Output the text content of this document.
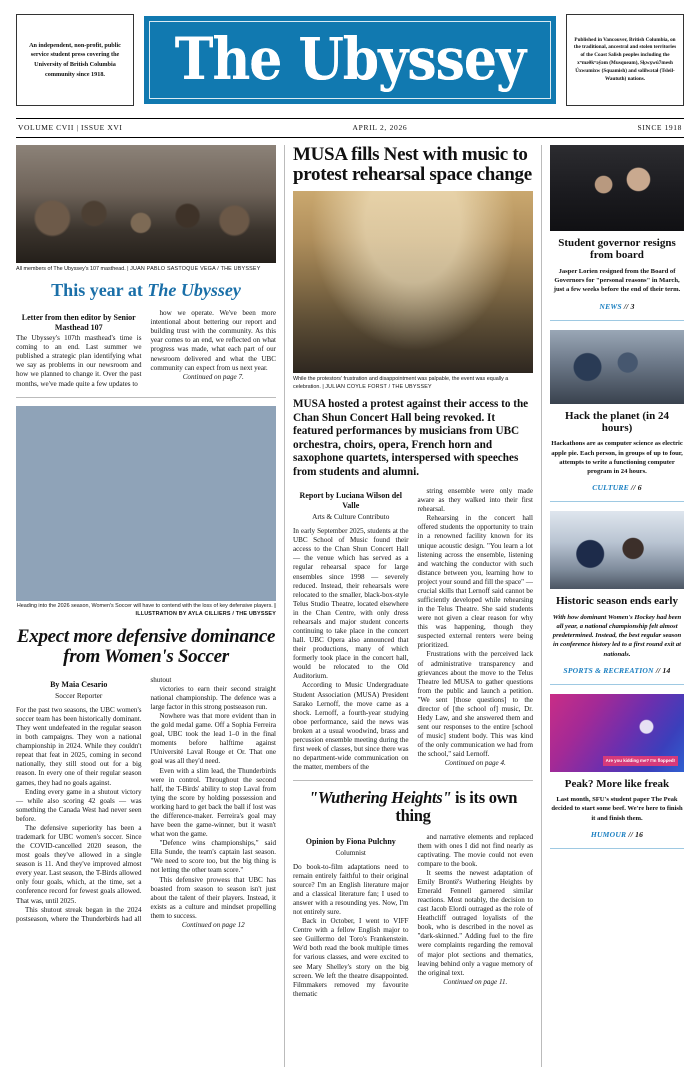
An independent, non-profit, public service student press covering the University of British Columbia community since 1918.	The Ubyssey	Published in Vancouver, British Columbia, on the traditional, ancestral and stolen territories of the Coast Salish peoples including the xʷməθkʷəy̓əm (Musqueam), Sḵwx̱wú7mesh Úxwumixw (Squamish) and səlilwətaɬ (Tsleil-Waututh) nations.
VOLUME CVII | ISSUE XVI	APRIL 2, 2026	SINCE 1918
All members of The Ubyssey's 107 masthead. | JUAN PABLO SASTOQUE VEGA / THE UBYSSEY
This year at The Ubyssey
Letter from then editor by Senior Masthead 107

The Ubyssey's 107th masthead's time is coming to an end. Last summer we published a strategic plan identifying what we say as problems in our newsroom and how we planned to change it. Over the past months, we've made quite a few updates to

how we operate. We've been more intentional about bettering our report and building trust with the community. As this year comes to an end, we reflected on what progress was made, what each part of our newsroom delivered and what the UBC community can expect from us next year.

Continued on page 7.

Heading into the 2026 season, Women's Soccer will have to contend with the loss of key defensive players. | ILLUSTRATION BY AYLA CILLIERS / THE UBYSSEY
Expect more defensive dominance from Women's Soccer
By Maia Cesario
Soccer Reporter

For the past two seasons, the UBC women's soccer team has been historically dominant. They went undefeated in the regular season in both campaigns. They won a national championship in 2024. While they couldn't repeat that feat in 2025, coming in second nationally, they still stood out for a big reason. In every one of their regular season games, they had no goals against.

Ending every game in a shutout victory — while also scoring 42 goals — was something the Canada West had never seen before.

The defensive superiority has been a trademark for UBC women's soccer. Since the COVID-cancelled 2020 season, the most goals they've allowed in a single season is 11. And they've improved almost every year. Last season, the T-Birds allowed only four goals, which, at the time, set a conference record for fewest goals allowed. That was, until 2025.

This shutout streak began in the 2024 postseason, where the Thunderbirds had all shutout

victories to earn their second straight national championship. The defence was a large factor in this strong postseason run.

Nowhere was that more evident than in the gold medal game. Off a Sophia Ferreira goal, UBC took the lead 1–0 in the final moments before halftime against l'Université Laval Rouge et Or. That one goal was all they'd need.

Even with a slim lead, the Thunderbirds were in control. Throughout the second half, the T-Birds' ability to stop Laval from tying the score by holding possession and working hard to get back the ball if lost was the difference-maker. Ferreira's goal may have been the game-winner, but it wasn't what won the game.

"Defence wins championships," said Ella Sunde, the team's captain last season. "We need to score too, but the big thing is not letting the other team score."

This defensive prowess that UBC has boasted from season to season isn't just about the talent of their players. Instead, it exists as a culture and mindset propelling them to success.

Continued on page 12

MUSA fills Nest with music to protest rehearsal space change
While the protestors' frustration and disappointment was palpable, the event was equally a celebration. | JULIAN COYLE FORST / THE UBYSSEY
MUSA hosted a protest against their access to the Chan Shun Concert Hall being revoked. It featured performances by musicians from UBC orchestra, choirs, opera, French horn and saxophone quartets, interspersed with speeches from students and alumni.
Report by Luciana Wilson del Valle
Arts & Culture Contributo

In early September 2025, students at the UBC School of Music found their access to the Chan Shun Concert Hall — the venue which has served as a regular rehearsal space for large ensembles since 1998 — severely reduced. Instead, their rehearsals were relocated to the smaller, black-box-style Telus Studio Theatre, located elsewhere in the Chan Centre, with only dress rehearsals and major student concerts continuing to take place in the concert hall. UBC Opera also announced that their productions, many of which formerly took place in the concert hall, would be relocated to the Old Auditorium.

According to Music Undergraduate Student Association (MUSA) President Sarako Lernoff, the move came as a shock. Lernoff, a fourth-year studying oboe performance, said the news was broken at a usual woodwind, brass and percussion ensemble meeting during the first week of classes, but since there was no department-wide communication on the matter, members of the

string ensemble were only made aware as they walked into their first rehearsal.

Rehearsing in the concert hall offered students the opportunity to train in a renowned facility known for its unique acoustic design. "You learn a lot listening across the ensemble, listening and watching the conductor with such distance between you, learning how to project your sound and fill the space" — crucial skills that Lernoff said cannot be sufficiently developed while rehearsing in the Telus Theatre. She said students were not given a clear reason for why this was happening, though they suspected external renters were being prioritized.

Frustrations with the perceived lack of administrative transparency and grievances about the move to the Telus Theatre led MUSA to gather questions from the public and launch a petition. "We sent [those questions] to the director of [the school of] music, Dr. Hedy Law, and she answered them and sent our responses to the entire [school of music] student body. This was kind of the only communication we had from the school," said Lernoff.

Continued on page 4.

"Wuthering Heights" is its own thing
Opinion by Fiona Pulchny
Columnist

Do book-to-film adaptations need to remain entirely faithful to their original source? I'm an English literature major and a classical literature fan; I used to answer with a resounding yes. Now, I'm not entirely sure.

Back in October, I went to VIFF Centre with a fellow English major to see Guillermo del Toro's Frankenstein. We'd both read the book multiple times for various classes, and were excited to see Mary Shelley's story on the big screen. We left the theatre disappointed. Filmmakers removed my favourite thematic

and narrative elements and replaced them with ones I did not find nearly as captivating. The movie could not even compare to the book.

It seems the newest adaptation of Emily Brontë's Wuthering Heights by Emerald Fennell garnered similar reactions. Most notably, the decision to cast Jacob Elordi outraged as the role of Heathcliff outraged loyalists of the book, who is described in the novel as "dark-skinned." Adding fuel to the fire were complaints regarding the removal of major plot sections and thematics, leaving behind only a vague memory of the original text.

Continued on page 11.

Student governor resigns from board

Jasper Lorien resigned from the Board of Governors for "personal reasons" in March, just a few weeks before the end of their term.

NEWS // 3
Hack the planet (in 24 hours)

Hackathons are as computer science as electric apple pie. Each person, in groups of up to four, attempts to write a functioning computer program in 24 hours.

CULTURE // 6
Historic season ends early

With how dominant Women's Hockey had been all year, a national championship felt almost predetermined. Instead, the best regular season in conference history led to a first round exit at nationals.

SPORTS & RECREATION // 14
Are you kidding me? I'm flopped!
Peak? More like freak

Last month, SFU's student paper The Peak decided to start some beef. We're here to finish it and finish them.

HUMOUR // 16
